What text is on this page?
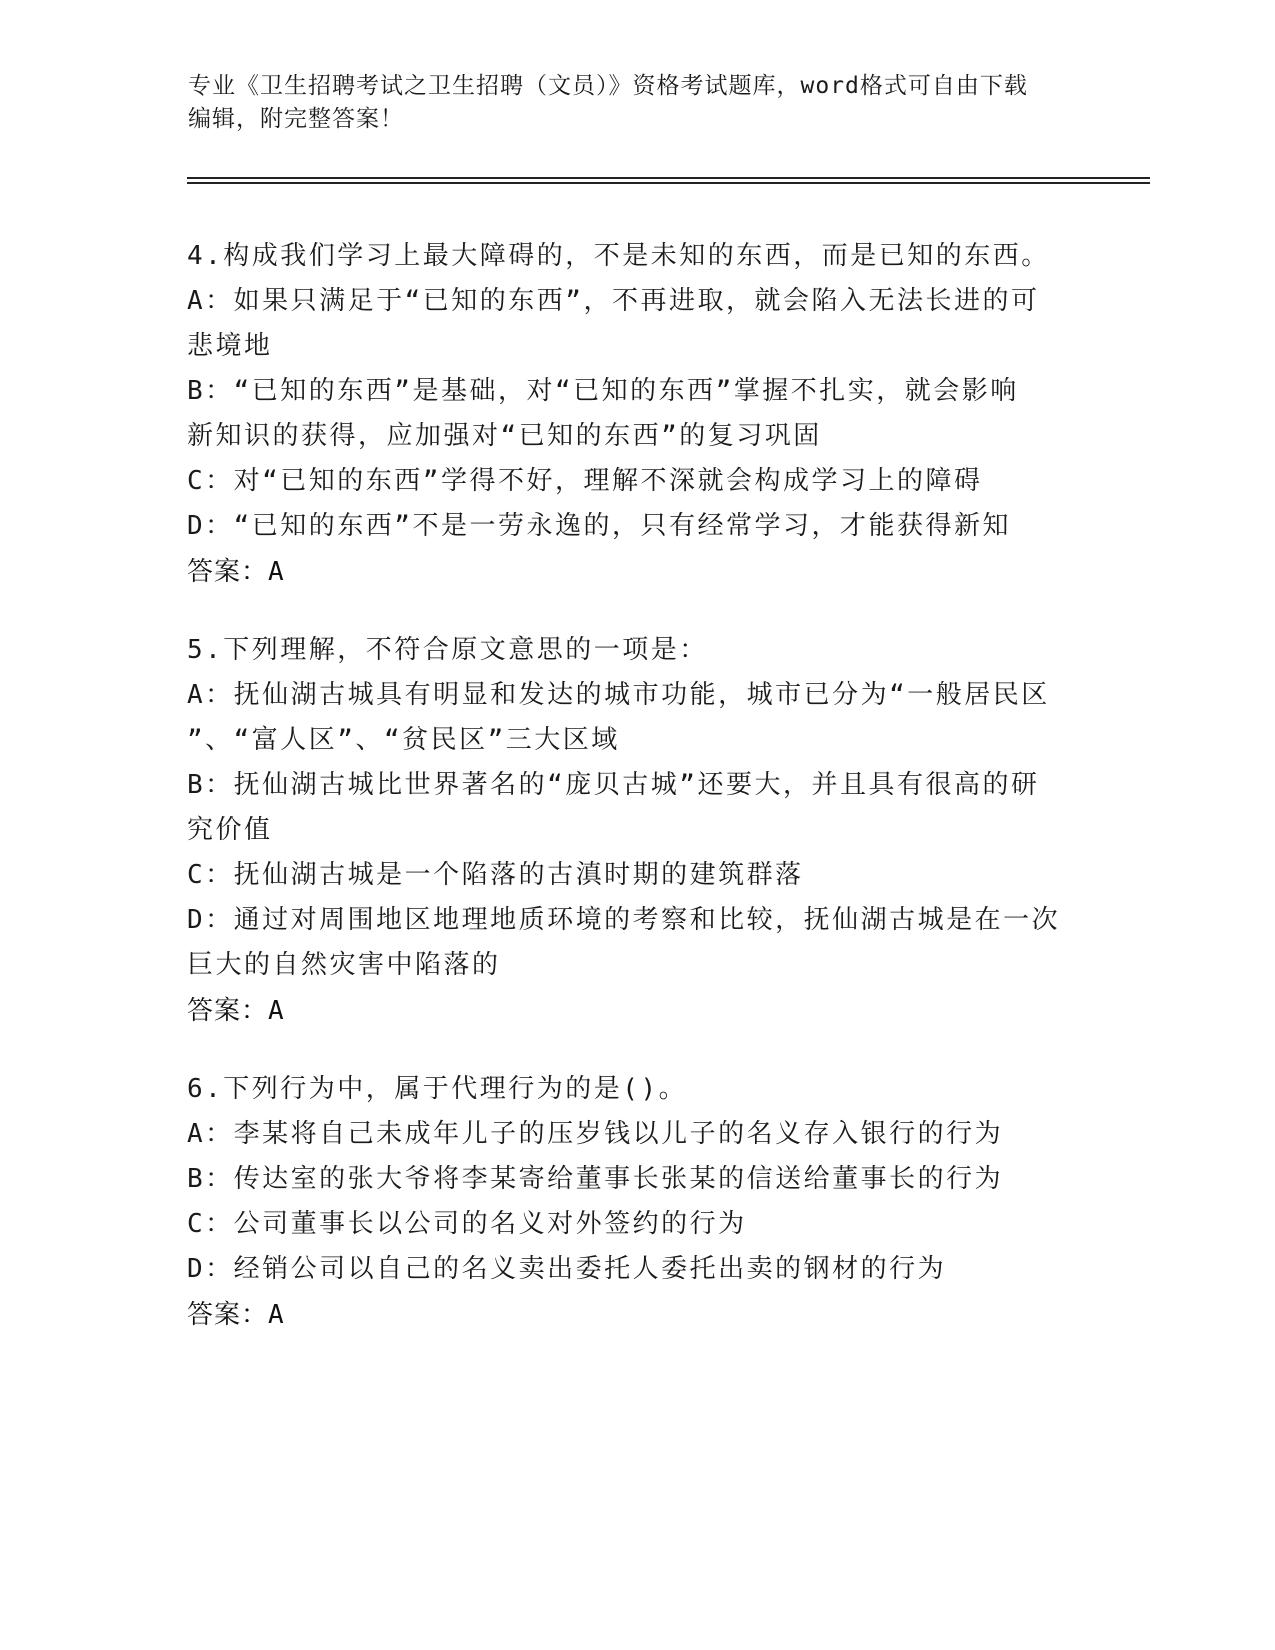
专业《卫生招聘考试之卫生招聘（文员）》资格考试题库，word格式可自由下载
编辑，附完整答案！
4.构成我们学习上最大障碍的，不是未知的东西，而是已知的东西。
A：如果只满足于“已知的东西”，不再进取，就会陷入无法长进的可
悲境地
B：“已知的东西”是基础，对“已知的东西”掌握不扎实，就会影响
新知识的获得，应加强对“已知的东西”的复习巩固
C：对“已知的东西”学得不好，理解不深就会构成学习上的障碍
D：“已知的东西”不是一劳永逸的，只有经常学习，才能获得新知
答案：A
5.下列理解，不符合原文意思的一项是：
A：抚仙湖古城具有明显和发达的城市功能，城市已分为“一般居民区
”、“富人区”、“贫民区”三大区域
B：抚仙湖古城比世界著名的“庞贝古城”还要大，并且具有很高的研
究价值
C：抚仙湖古城是一个陷落的古滇时期的建筑群落
D：通过对周围地区地理地质环境的考察和比较，抚仙湖古城是在一次
巨大的自然灾害中陷落的
答案：A
6.下列行为中，属于代理行为的是()。
A：李某将自己未成年儿子的压岁钱以儿子的名义存入银行的行为
B：传达室的张大爷将李某寄给董事长张某的信送给董事长的行为
C：公司董事长以公司的名义对外签约的行为
D：经销公司以自己的名义卖出委托人委托出卖的钢材的行为
答案：A
